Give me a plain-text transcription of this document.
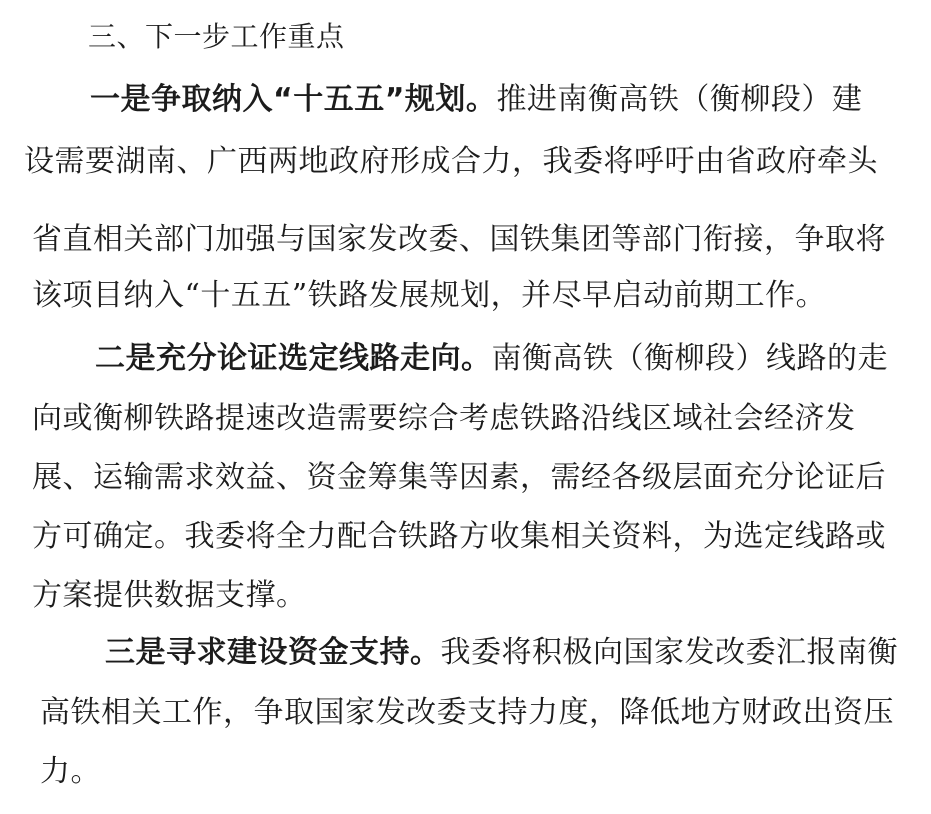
三、下一步工作重点

一是争取纳入“十五五”规划。推进南衡高铁（衡柳段）建

设需要湖南、广西两地政府形成合力，我委将呼吁由省政府牵头

省直相关部门加强与国家发改委、国铁集团等部门衔接，争取将

该项目纳入“十五五”铁路发展规划，并尽早启动前期工作。

二是充分论证选定线路走向。南衡高铁（衡柳段）线路的走

向或衡柳铁路提速改造需要综合考虑铁路沿线区域社会经济发

展、运输需求效益、资金筹集等因素，需经各级层面充分论证后

方可确定。我委将全力配合铁路方收集相关资料，为选定线路或

方案提供数据支撑。

三是寻求建设资金支持。我委将积极向国家发改委汇报南衡

高铁相关工作，争取国家发改委支持力度，降低地方财政出资压

力。
